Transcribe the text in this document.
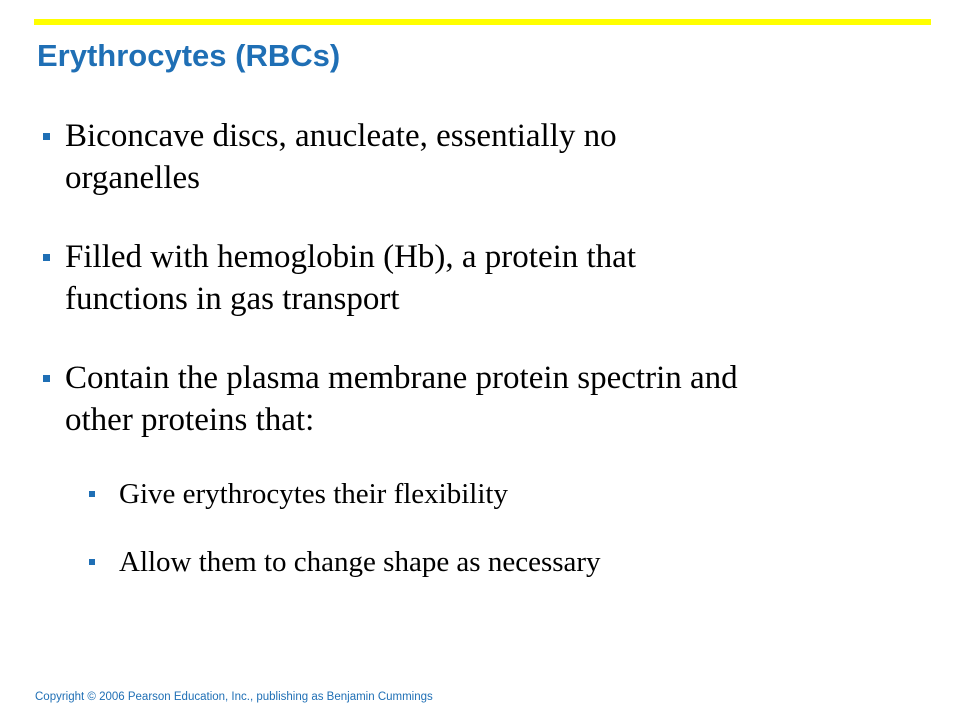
Erythrocytes (RBCs)
Biconcave discs, anucleate, essentially no
organelles
Filled with hemoglobin (Hb), a protein that
functions in gas transport
Contain the plasma membrane protein spectrin and
other proteins that:
Give erythrocytes their flexibility
Allow them to change shape as necessary

Copyright © 2006 Pearson Education, Inc., publishing as Benjamin Cummings
